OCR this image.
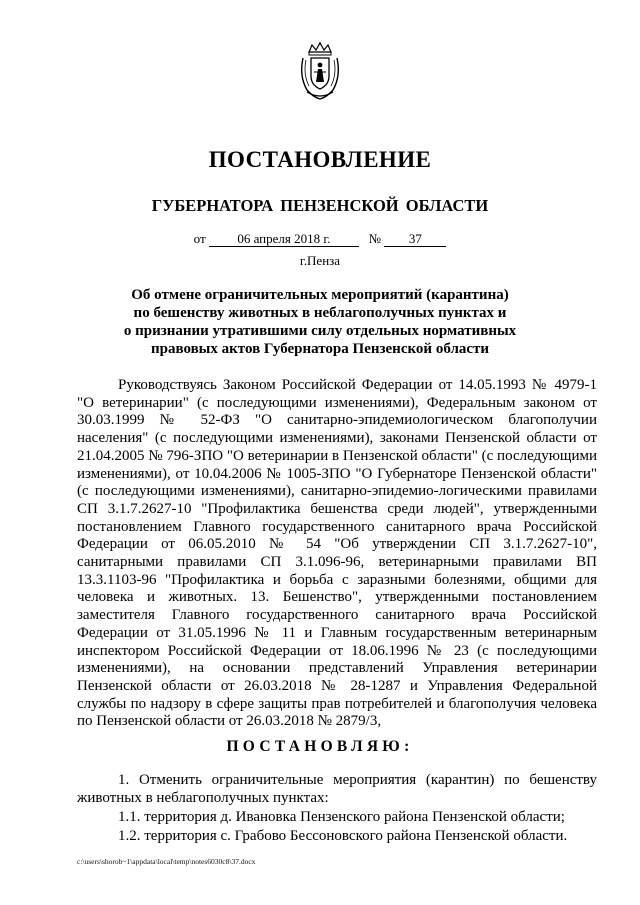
ПОСТАНОВЛЕНИЕ
ГУБЕРНАТОРА ПЕНЗЕНСКОЙ ОБЛАСТИ
от 06 апреля 2018 г.	№ 37
г.Пенза
Об отмене ограничительных мероприятий (карантина)
по бешенству животных в неблагополучных пунктах и
о признании утратившими силу отдельных нормативных
правовых актов Губернатора Пензенской области
Руководствуясь Законом Российской Федерации от 14.05.1993 № 4979-1 "О ветеринарии" (с последующими изменениями), Федеральным законом от 30.03.1999 № 52-ФЗ "О санитарно-эпидемиологическом благополучии населения" (с последующими изменениями), законами Пензенской области от 21.04.2005 № 796-ЗПО "О ветеринарии в Пензенской области" (с последующими изменениями), от 10.04.2006 № 1005-ЗПО "О Губернаторе Пензенской области" (с последующими изменениями), санитарно-эпидемио-логическими правилами СП 3.1.7.2627-10 "Профилактика бешенства среди людей", утвержденными постановлением Главного государственного санитарного врача Российской Федерации от 06.05.2010 № 54 "Об утверждении СП 3.1.7.2627-10", санитарными правилами СП 3.1.096-96, ветеринарными правилами ВП 13.3.1103-96 "Профилактика и борьба с заразными болезнями, общими для человека и животных. 13. Бешенство", утвержденными постановлением заместителя Главного государственного санитарного врача Российской Федерации от 31.05.1996 № 11 и Главным государственным ветеринарным инспектором Российской Федерации от 18.06.1996 № 23 (с последующими изменениями), на основании представлений Управления ветеринарии Пензенской области от 26.03.2018 № 28-1287 и Управления Федеральной службы по надзору в сфере защиты прав потребителей и благополучия человека по Пензенской области от 26.03.2018 № 2879/3,
ПОСТАНОВЛЯЮ:
1. Отменить ограничительные мероприятия (карантин) по бешенству животных в неблагополучных пунктах:
1.1. территория д. Ивановка Пензенского района Пензенской области;
1.2. территория с. Грабово Бессоновского района Пензенской области.
c:\users\shorob~1\appdata\local\temp\notes6030c8\37.docx
